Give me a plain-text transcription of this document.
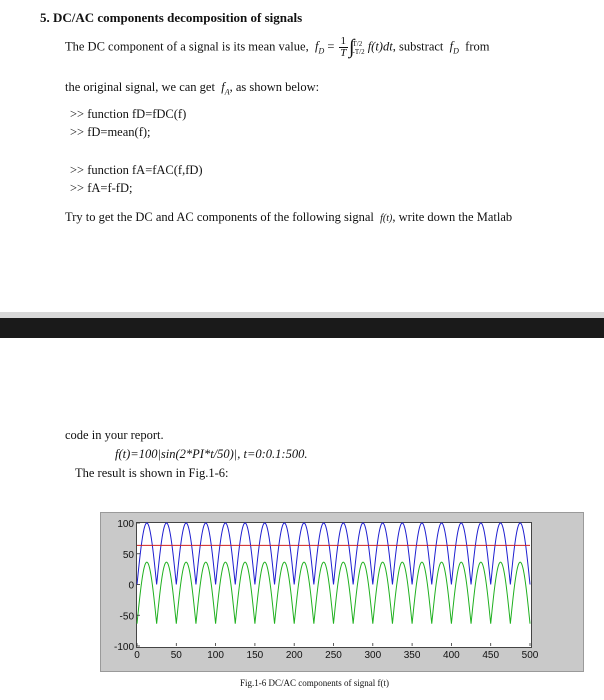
5. DC/AC components decomposition of signals
The DC component of a signal is its mean value, $f_D = \frac{1}{T}$ ∫
T/2
-T/2 f(t)dt, substract $f_D$ from
the original signal, we can get $f_A$, as shown below:
>> function fD=fDC(f)
>> fD=mean(f);
>> function fA=fAC(f,fD)
>> fA=f-fD;
Try to get the DC and AC components of the following signal f(t), write down the Matlab
code in your report.
f(t)=100|sin(2*PI*t/50)|, t=0:0.1:500.
The result is shown in Fig.1-6:
0	50	100 150 200 250 300 350 400 450 500
100
50
0
-50
-100
Fig.1-6 DC/AC components of signal f(t)
